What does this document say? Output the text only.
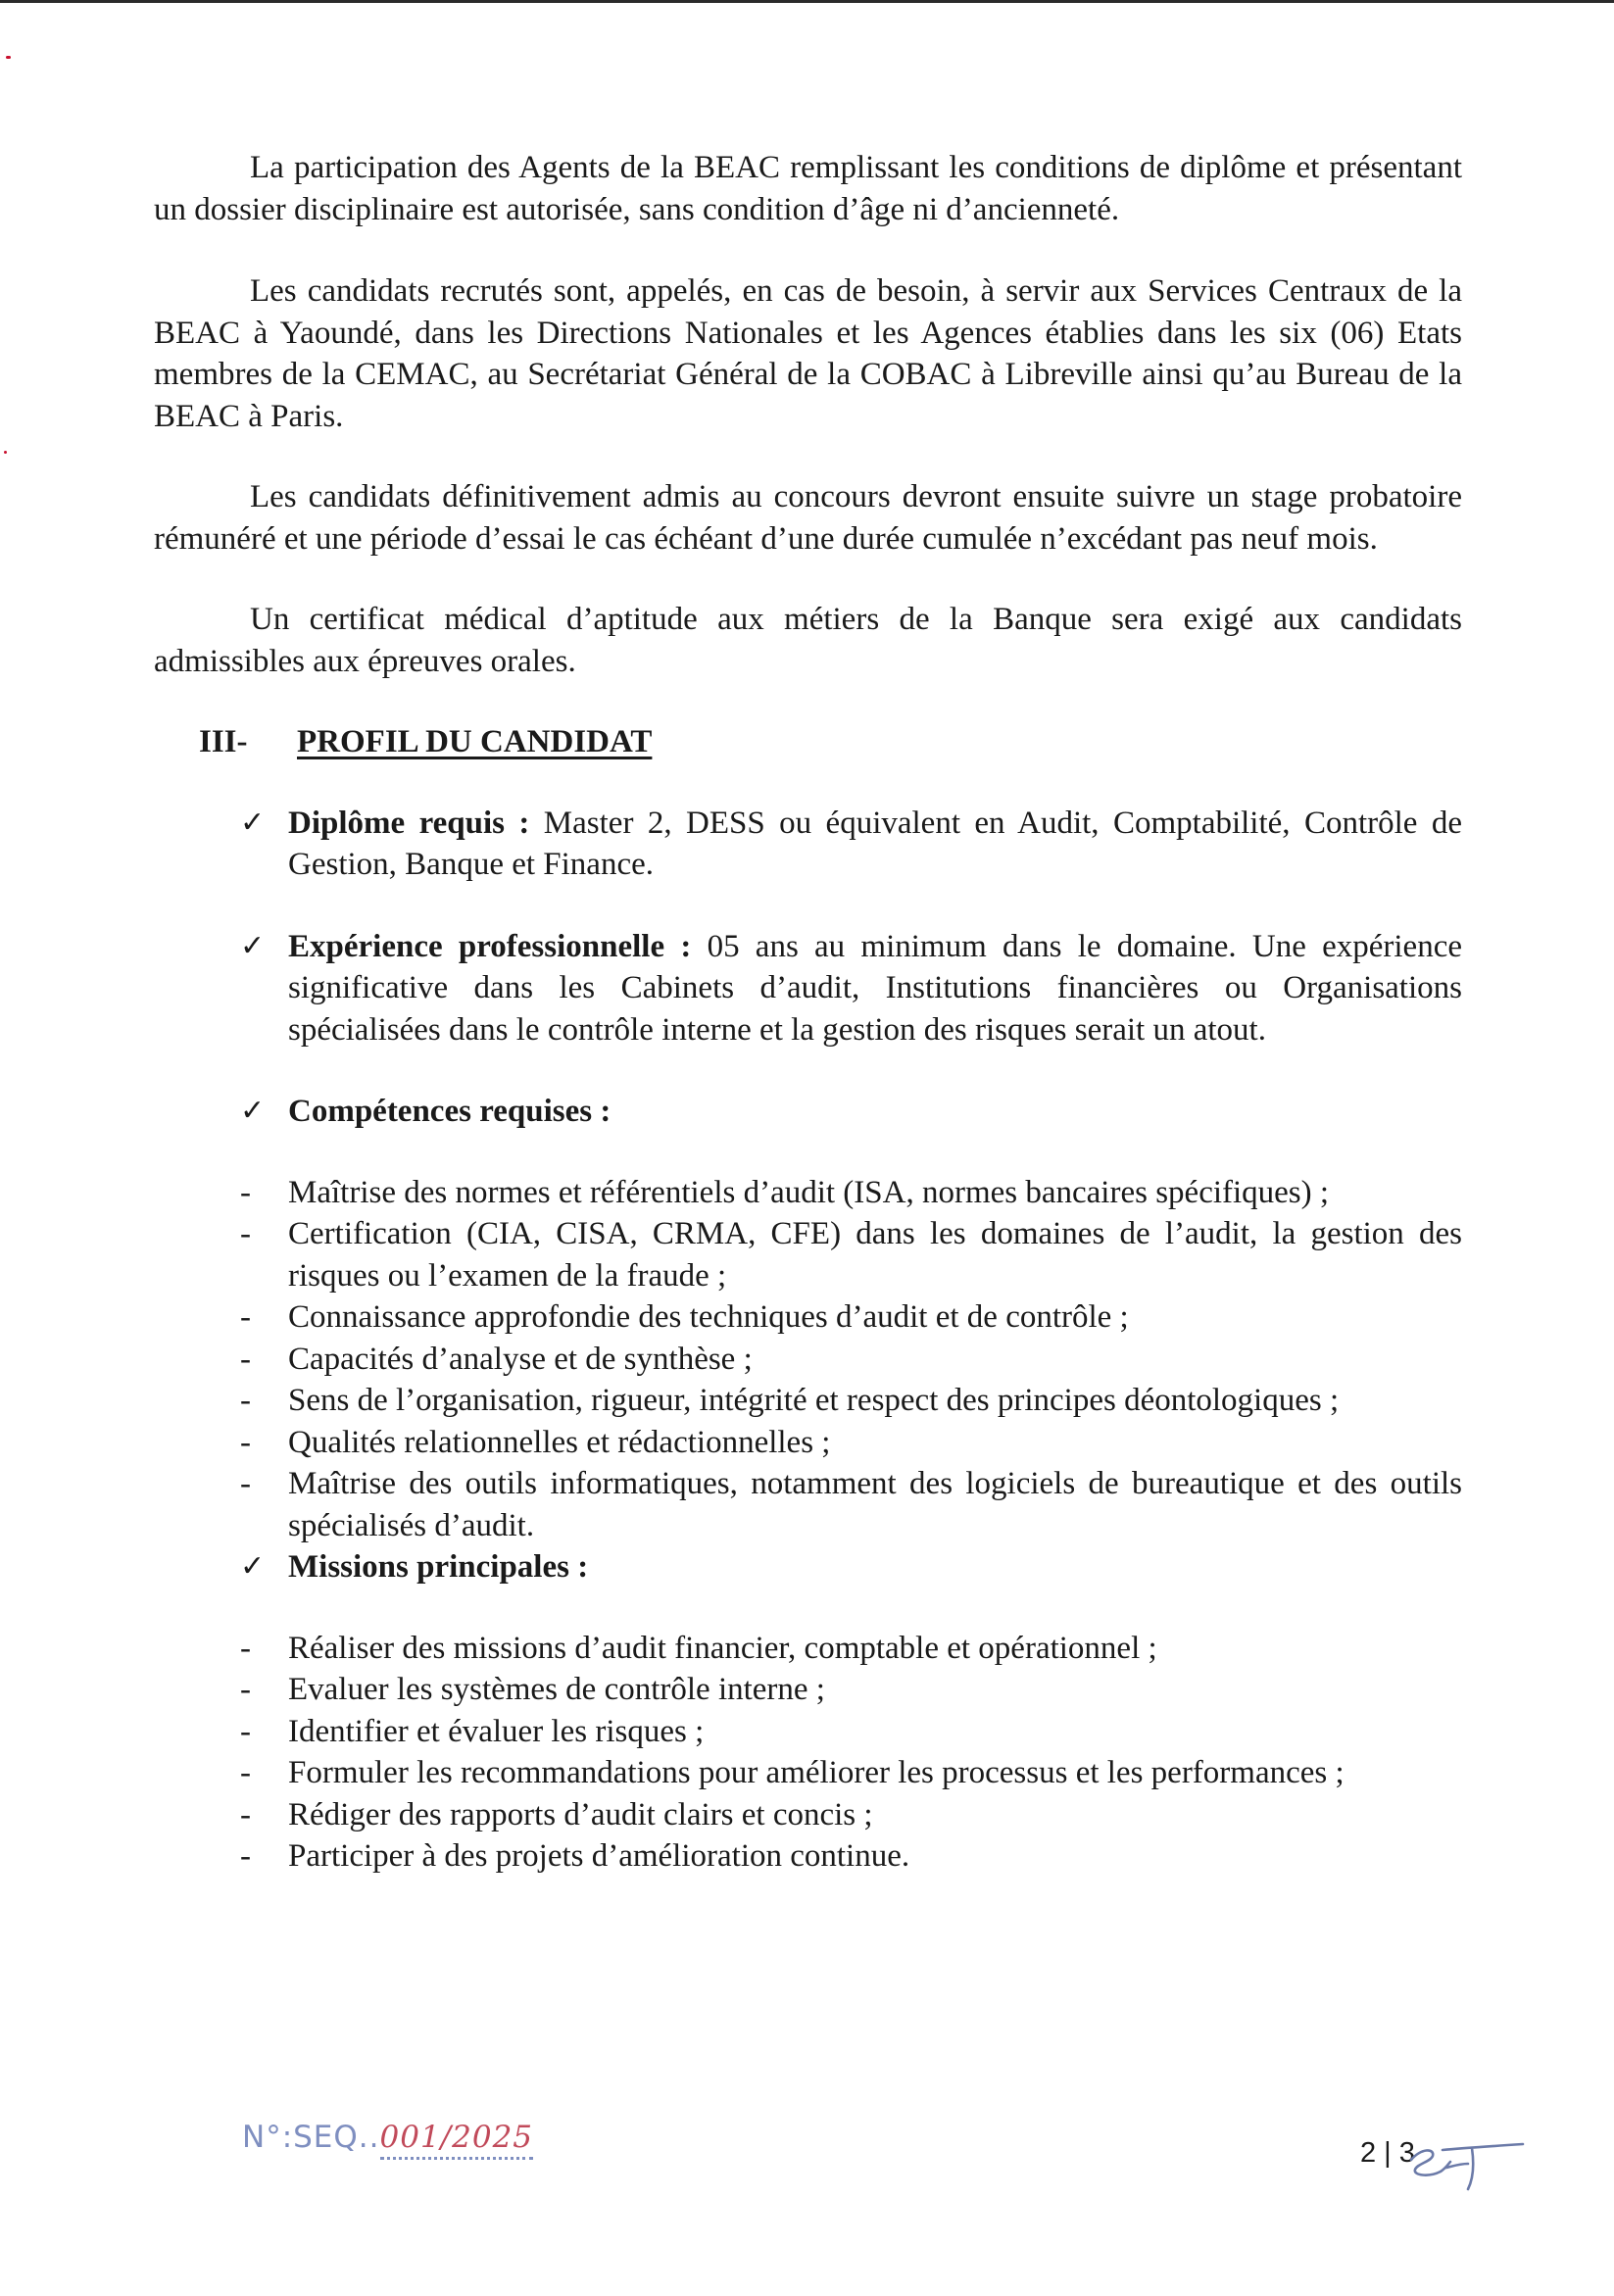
La participation des Agents de la BEAC remplissant les conditions de diplôme et présentant un dossier disciplinaire est autorisée, sans condition d’âge ni d’ancienneté.

Les candidats recrutés sont, appelés, en cas de besoin, à servir aux Services Centraux de la BEAC à Yaoundé, dans les Directions Nationales et les Agences établies dans les six (06) Etats membres de la CEMAC, au Secrétariat Général de la COBAC à Libreville ainsi qu’au Bureau de la BEAC à Paris.

Les candidats définitivement admis au concours devront ensuite suivre un stage probatoire rémunéré et une période d’essai le cas échéant d’une durée cumulée n’excédant pas neuf mois.

Un certificat médical d’aptitude aux métiers de la Banque sera exigé aux candidats admissibles aux épreuves orales.

III-	PROFIL DU CANDIDAT
✓ Diplôme requis : Master 2, DESS ou équivalent en Audit, Comptabilité, Contrôle de Gestion, Banque et Finance.
✓ Expérience professionnelle : 05 ans au minimum dans le domaine. Une expérience significative dans les Cabinets d’audit, Institutions financières ou Organisations spécialisées dans le contrôle interne et la gestion des risques serait un atout.
✓ Compétences requises :
- Maîtrise des normes et référentiels d’audit (ISA, normes bancaires spécifiques) ;
- Certification (CIA, CISA, CRMA, CFE) dans les domaines de l’audit, la gestion des risques ou l’examen de la fraude ;
- Connaissance approfondie des techniques d’audit et de contrôle ;
- Capacités d’analyse et de synthèse ;
- Sens de l’organisation, rigueur, intégrité et respect des principes déontologiques ;
- Qualités relationnelles et rédactionnelles ;
- Maîtrise des outils informatiques, notamment des logiciels de bureautique et des outils spécialisés d’audit.
✓ Missions principales :
- Réaliser des missions d’audit financier, comptable et opérationnel ;
- Evaluer les systèmes de contrôle interne ;
- Identifier et évaluer les risques ;
- Formuler les recommandations pour améliorer les processus et les performances ;
- Rédiger des rapports d’audit clairs et concis ;
- Participer à des projets d’amélioration continue.
N°:SEQ..001/2025	2 | 3
